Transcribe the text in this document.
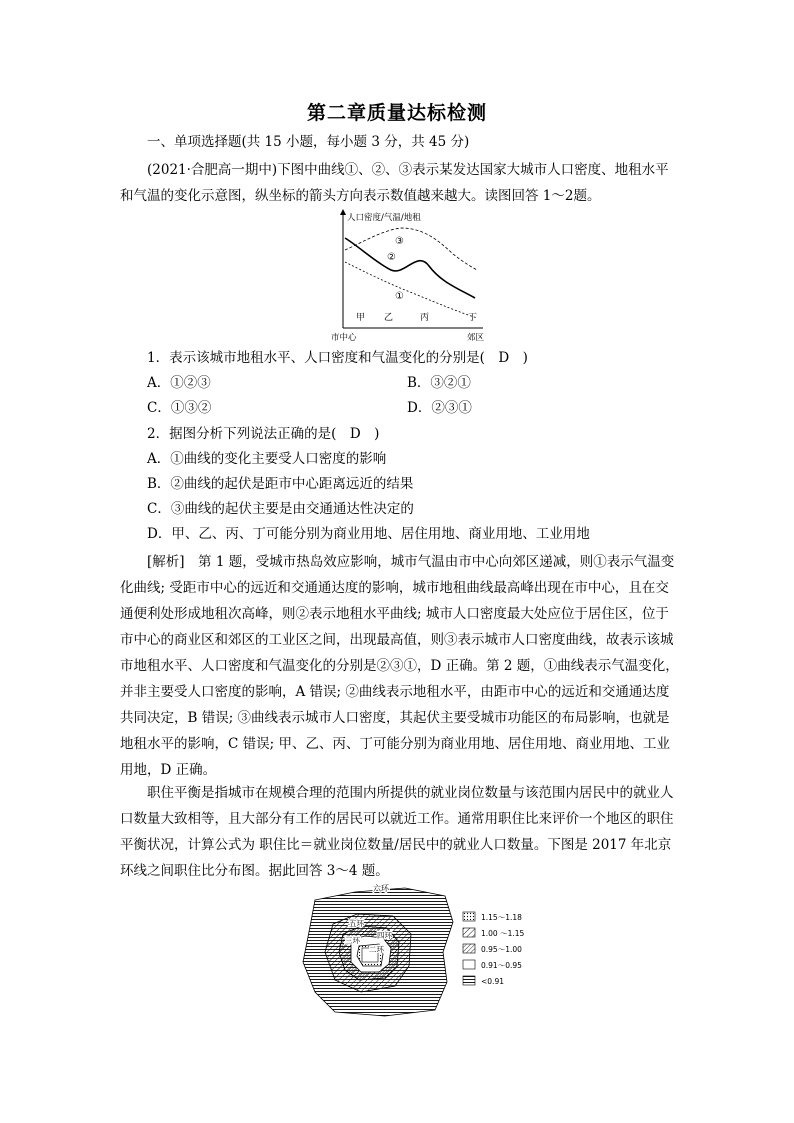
第二章质量达标检测
一、单项选择题(共 15 小题，每小题 3 分，共 45 分)
(2021·合肥高一期中)下图中曲线①、②、③表示某发达国家大城市人口密度、地租水平和气温的变化示意图，纵坐标的箭头方向表示数值越来越大。读图回答 1～2题。
人口密度/气温/地租
③
②
①
甲 乙	丙	丁
市中心	郊区
1．表示该城市地租水平、人口密度和气温变化的分别是(　D　)
A．①②③	B．③②①
C．①③②	D．②③①
2．据图分析下列说法正确的是(　D　)
A．①曲线的变化主要受人口密度的影响
B．②曲线的起伏是距市中心距离远近的结果
C．③曲线的起伏主要是由交通通达性决定的
D．甲、乙、丙、丁可能分别为商业用地、居住用地、商业用地、工业用地
[解析]　第 1 题，受城市热岛效应影响，城市气温由市中心向郊区递减，则①表示气温变化曲线; 受距市中心的远近和交通通达度的影响，城市地租曲线最高峰出现在市中心，且在交通便利处形成地租次高峰，则②表示地租水平曲线; 城市人口密度最大处应位于居住区，位于市中心的商业区和郊区的工业区之间，出现最高值，则③表示城市人口密度曲线，故表示该城市地租水平、人口密度和气温变化的分别是②③①，D 正确。第 2 题，①曲线表示气温变化，并非主要受人口密度的影响，A 错误; ②曲线表示地租水平，由距市中心的远近和交通通达度共同决定，B 错误; ③曲线表示城市人口密度，其起伏主要受城市功能区的布局影响，也就是地租水平的影响，C 错误; 甲、乙、丙、丁可能分别为商业用地、居住用地、商业用地、工业用地，D 正确。
职住平衡是指城市在规模合理的范围内所提供的就业岗位数量与该范围内居民中的就业人口数量大致相等，且大部分有工作的居民可以就近工作。通常用职住比来评价一个地区的职住平衡状况，计算公式为 职住比＝就业岗位数量/居民中的就业人口数量。下图是 2017 年北京环线之间职住比分布图。据此回答 3～4 题。
六环
五环
四环
三环
二环
1.15～1.18
1.00 ～1.15
0.95～1.00
0.91～0.95
<0.91
